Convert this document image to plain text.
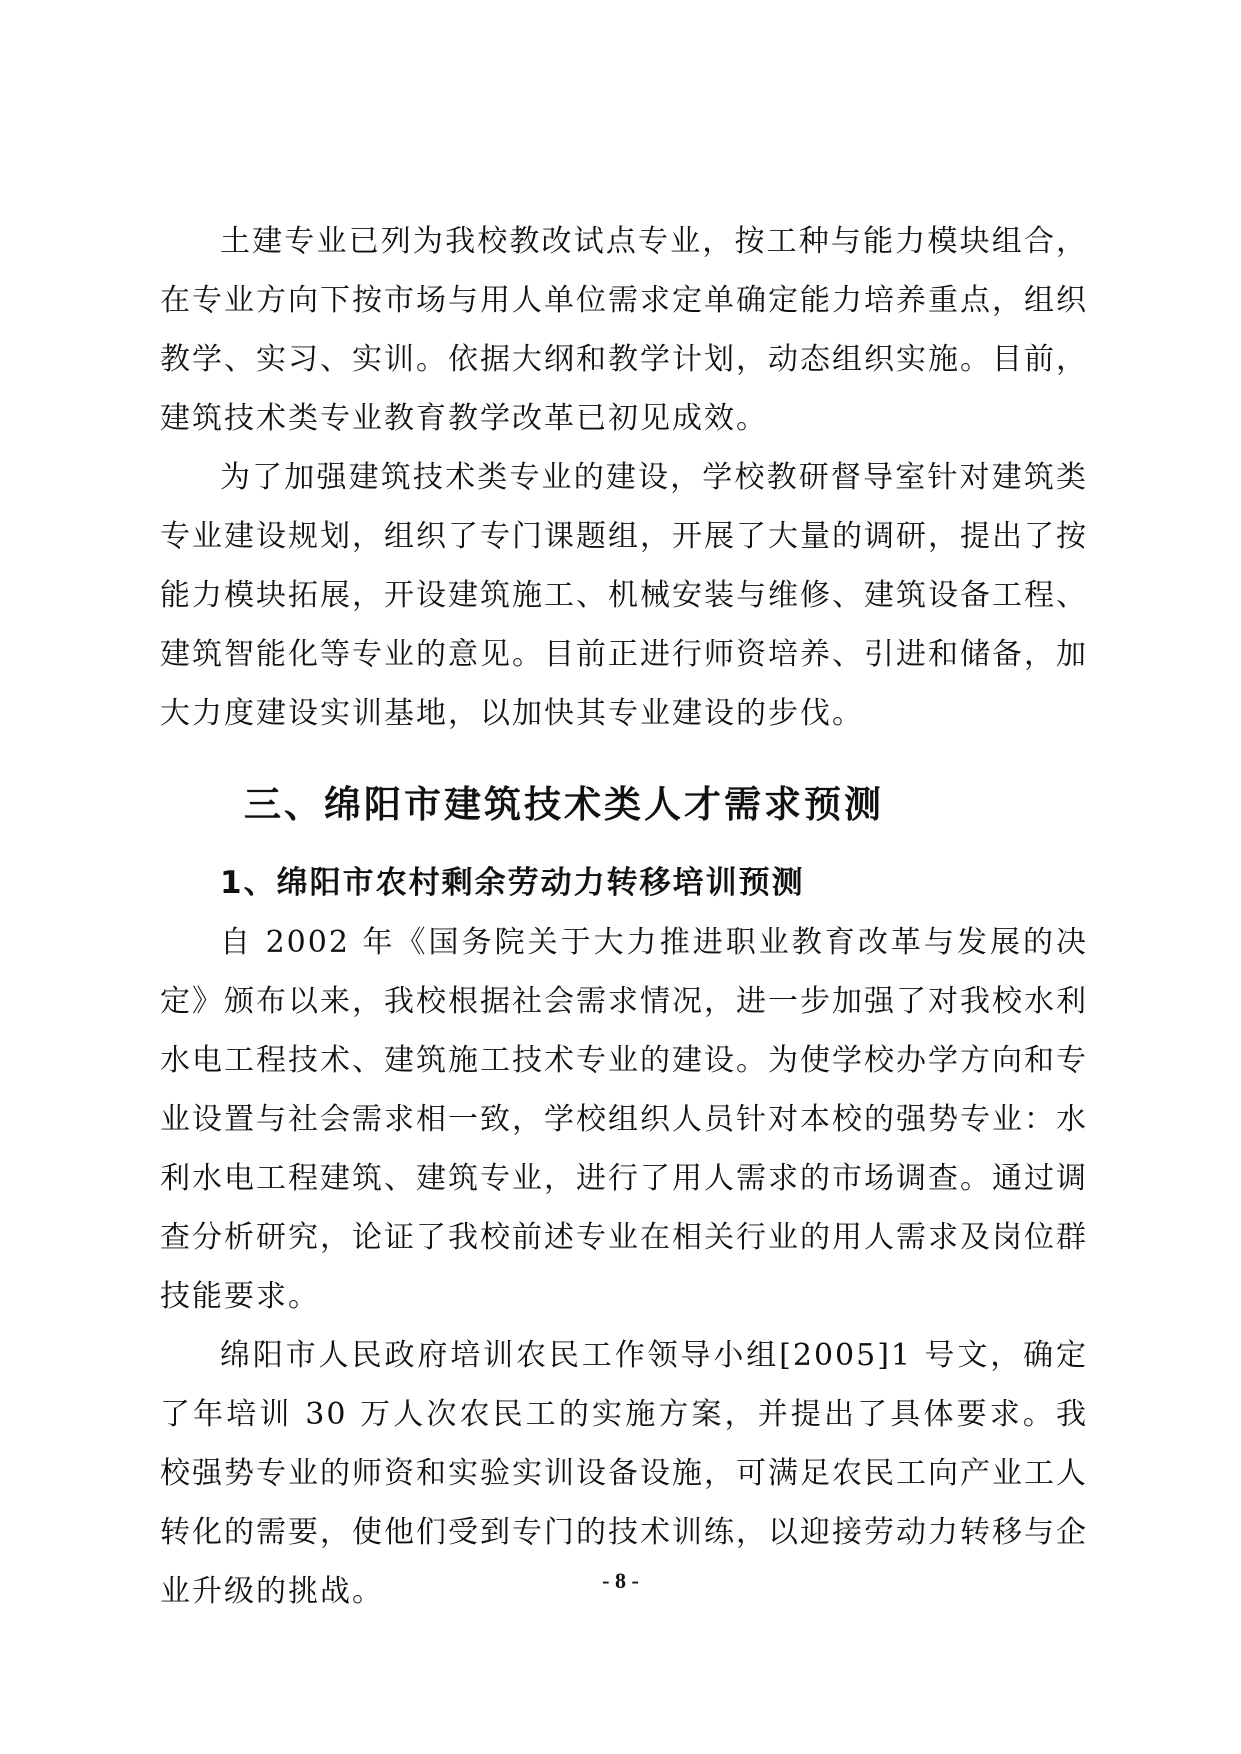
土建专业已列为我校教改试点专业，按工种与能力模块组合，在专业方向下按市场与用人单位需求定单确定能力培养重点，组织教学、实习、实训。依据大纲和教学计划，动态组织实施。目前，建筑技术类专业教育教学改革已初见成效。

为了加强建筑技术类专业的建设，学校教研督导室针对建筑类专业建设规划，组织了专门课题组，开展了大量的调研，提出了按能力模块拓展，开设建筑施工、机械安装与维修、建筑设备工程、建筑智能化等专业的意见。目前正进行师资培养、引进和储备，加大力度建设实训基地，以加快其专业建设的步伐。

三、绵阳市建筑技术类人才需求预测
1、绵阳市农村剩余劳动力转移培训预测

自 2002 年《国务院关于大力推进职业教育改革与发展的决定》颁布以来，我校根据社会需求情况，进一步加强了对我校水利水电工程技术、建筑施工技术专业的建设。为使学校办学方向和专业设置与社会需求相一致，学校组织人员针对本校的强势专业：水利水电工程建筑、建筑专业，进行了用人需求的市场调查。通过调查分析研究，论证了我校前述专业在相关行业的用人需求及岗位群技能要求。

绵阳市人民政府培训农民工作领导小组[2005]1 号文，确定了年培训 30 万人次农民工的实施方案，并提出了具体要求。我校强势专业的师资和实验实训设备设施，可满足农民工向产业工人转化的需要，使他们受到专门的技术训练，以迎接劳动力转移与企业升级的挑战。	- 8 -
